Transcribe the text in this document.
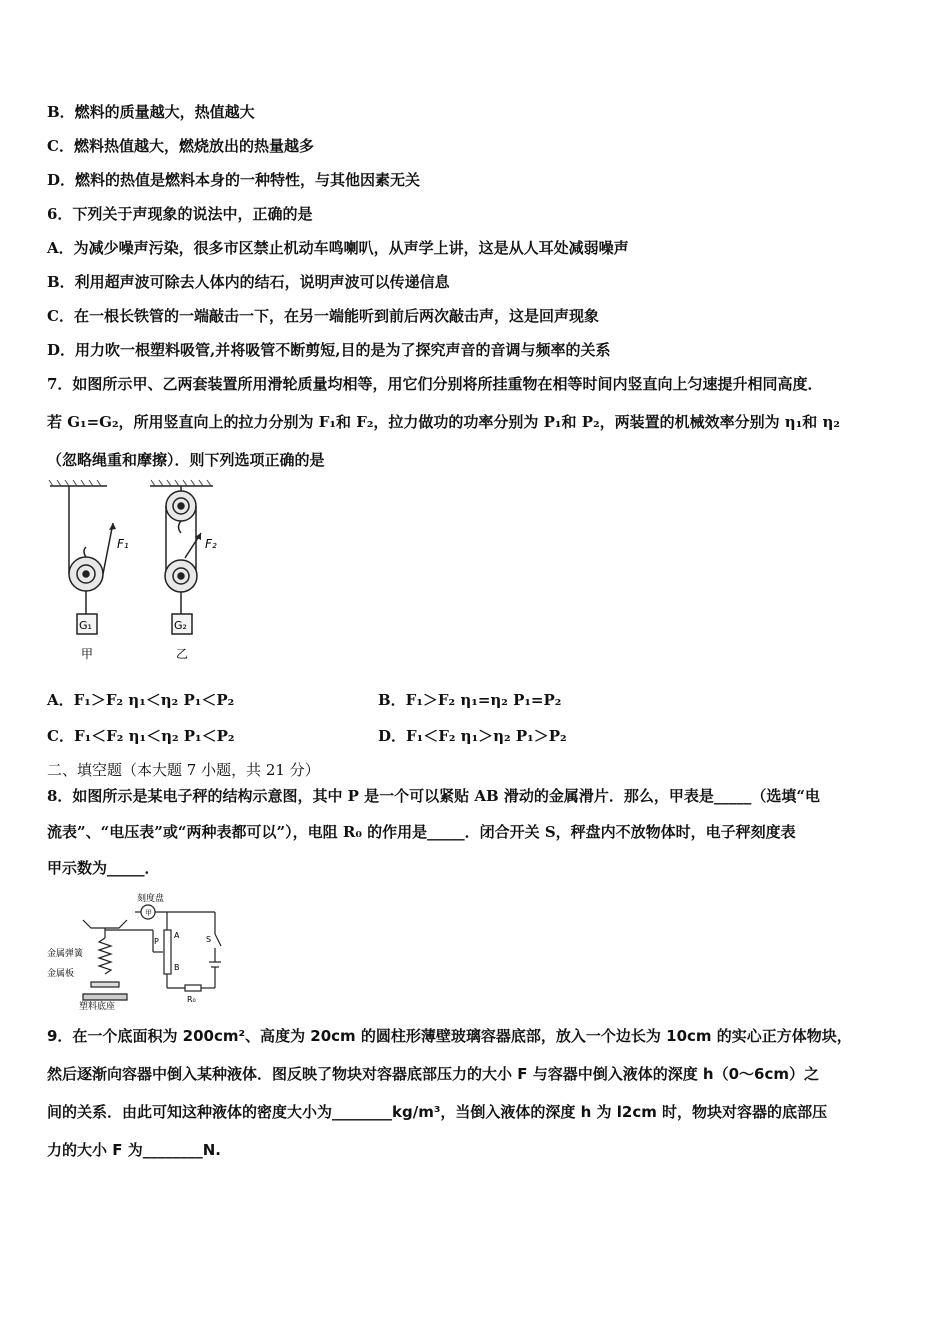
B．燃料的质量越大，热值越大
C．燃料热值越大，燃烧放出的热量越多
D．燃料的热值是燃料本身的一种特性，与其他因素无关
6．下列关于声现象的说法中，正确的是
A．为减少噪声污染，很多市区禁止机动车鸣喇叭，从声学上讲，这是从人耳处减弱噪声
B．利用超声波可除去人体内的结石，说明声波可以传递信息
C．在一根长铁管的一端敲击一下，在另一端能听到前后两次敲击声，这是回声现象
D．用力吹一根塑料吸管,并将吸管不断剪短,目的是为了探究声音的音调与频率的关系
7．如图所示甲、乙两套装置所用滑轮质量均相等，用它们分别将所挂重物在相等时间内竖直向上匀速提升相同高度．
若 G₁=G₂，所用竖直向上的拉力分别为 F₁和 F₂，拉力做功的功率分别为 P₁和 P₂，两装置的机械效率分别为 η₁和 η₂
（忽略绳重和摩擦）．则下列选项正确的是
F₁	F₂
G₁	G₂
甲	乙
A．F₁＞F₂ η₁＜η₂ P₁＜P₂	B．F₁＞F₂ η₁=η₂ P₁=P₂
C．F₁＜F₂ η₁＜η₂ P₁＜P₂	D．F₁＜F₂ η₁＞η₂ P₁＞P₂
二、填空题（本大题 7 小题，共 21 分）
8．如图所示是某电子秤的结构示意图，其中 P 是一个可以紧贴 AB 滑动的金属滑片．那么，甲表是_____（选填“电
流表”、“电压表”或“两种表都可以”），电阻 R₀ 的作用是_____．闭合开关 S，秤盘内不放物体时，电子秤刻度表
甲示数为_____．
甲
刻度盘
P
A
B
S
R₀
金属弹簧
金属板
塑料底座
9．在一个底面积为 200cm²、高度为 20cm 的圆柱形薄壁玻璃容器底部，放入一个边长为 10cm 的实心正方体物块，
然后逐渐向容器中倒入某种液体．图反映了物块对容器底部压力的大小 F 与容器中倒入液体的深度 h（0～6cm）之
间的关系．由此可知这种液体的密度大小为________kg/m³，当倒入液体的深度 h 为 l2cm 时，物块对容器的底部压
力的大小 F 为________N.
